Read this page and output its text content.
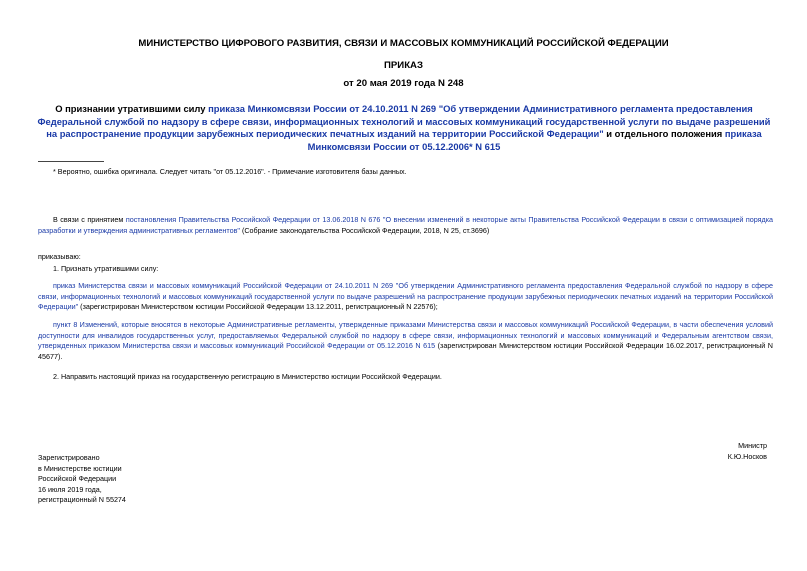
МИНИСТЕРСТВО ЦИФРОВОГО РАЗВИТИЯ, СВЯЗИ И МАССОВЫХ КОММУНИКАЦИЙ РОССИЙСКОЙ ФЕДЕРАЦИИ
ПРИКАЗ
от 20 мая 2019 года N 248
О признании утратившими силу приказа Минкомсвязи России от 24.10.2011 N 269 "Об утверждении Административного регламента предоставления Федеральной службой по надзору в сфере связи, информационных технологий и массовых коммуникаций государственной услуги по выдаче разрешений на распространение продукции зарубежных периодических печатных изданий на территории Российской Федерации" и отдельного положения приказа Минкомсвязи России от 05.12.2006* N 615
* Вероятно, ошибка оригинала. Следует читать "от 05.12.2016". - Примечание изготовителя базы данных.
В связи с принятием постановления Правительства Российской Федерации от 13.06.2018 N 676 "О внесении изменений в некоторые акты Правительства Российской Федерации в связи с оптимизацией порядка разработки и утверждения административных регламентов" (Собрание законодательства Российской Федерации, 2018, N 25, ст.3696)
приказываю:
1. Признать утратившими силу:
приказ Министерства связи и массовых коммуникаций Российской Федерации от 24.10.2011 N 269 "Об утверждении Административного регламента предоставления Федеральной службой по надзору в сфере связи, информационных технологий и массовых коммуникаций государственной услуги по выдаче разрешений на распространение продукции зарубежных периодических печатных изданий на территории Российской Федерации" (зарегистрирован Министерством юстиции Российской Федерации 13.12.2011, регистрационный N 22576);
пункт 8 Изменений, которые вносятся в некоторые Административные регламенты, утвержденные приказами Министерства связи и массовых коммуникаций Российской Федерации, в части обеспечения условий доступности для инвалидов государственных услуг, предоставляемых Федеральной службой по надзору в сфере связи, информационных технологий и массовых коммуникаций и Федеральным агентством связи, утвержденных приказом Министерства связи и массовых коммуникаций Российской Федерации от 05.12.2016 N 615 (зарегистрирован Министерством юстиции Российской Федерации 16.02.2017, регистрационный N 45677).
2. Направить настоящий приказ на государственную регистрацию в Министерство юстиции Российской Федерации.
Министр
К.Ю.Носков
Зарегистрировано
в Министерстве юстиции
Российской Федерации
16 июля 2019 года,
регистрационный N 55274
